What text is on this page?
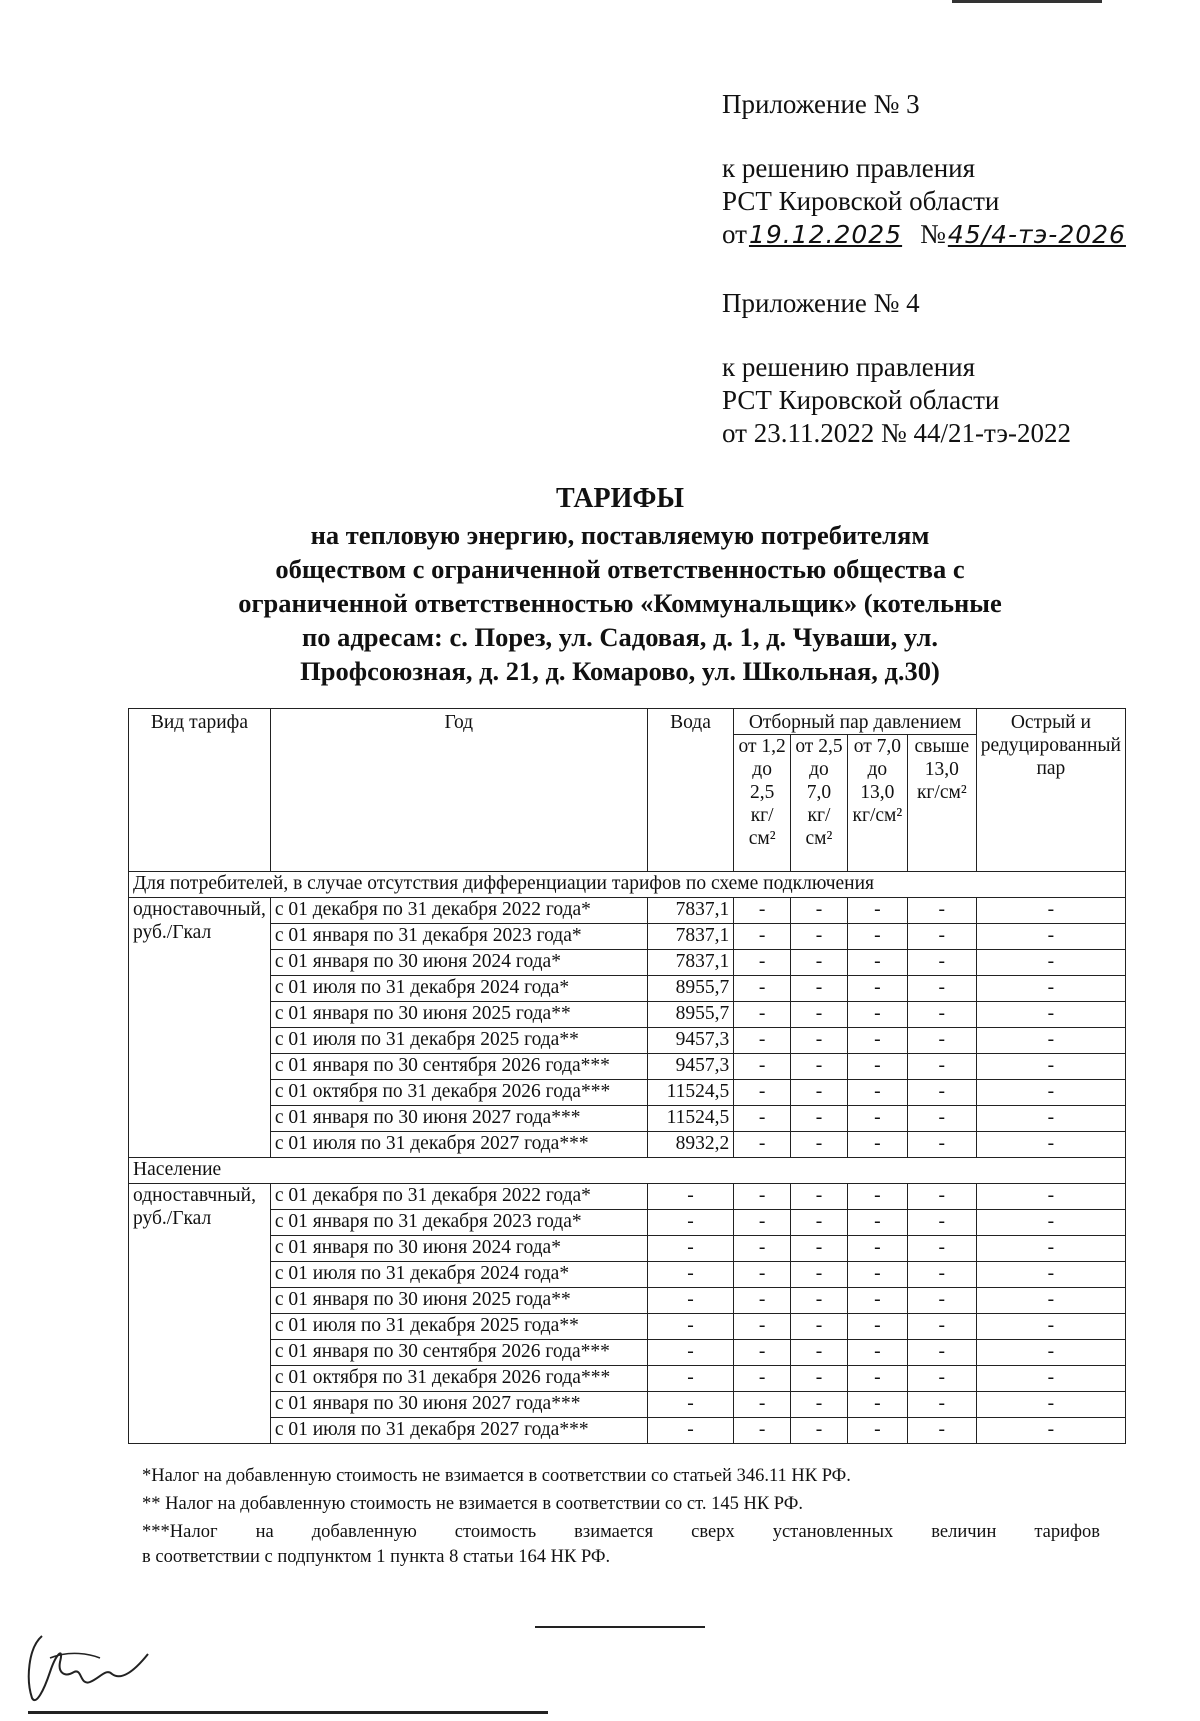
Приложение № 3
к решению правления
РСТ Кировской области
от19.12.2025 №45/4-тэ-2026
Приложение № 4
к решению правления
РСТ Кировской области
от 23.11.2022 № 44/21-тэ-2022
ТАРИФЫ
на тепловую энергию, поставляемую потребителям
обществом с ограниченной ответственностью общества с
ограниченной ответственностью «Коммунальщик» (котельные
по адресам: с. Порез, ул. Садовая, д. 1, д. Чуваши, ул.
Профсоюзная, д. 21, д. Комарово, ул. Школьная, д.30)
Вид тарифа	Год	Вода	Отборный пар давлением				Острый и редуцированный пар
			от 1,2 до 2,5 кг/см²	от 2,5 до 7,0 кг/см²	от 7,0 до 13,0 кг/см²	свыше 13,0 кг/см²	
Для потребителей, в случае отсутствия дифференциации тарифов по схеме подключения							
одноставочный, руб./Гкал	с 01 декабря по 31 декабря 2022 года*	7837,1	-	-	-	-	-
	с 01 января по 31 декабря 2023 года*	7837,1	-	-	-	-	-
	с 01 января по 30 июня 2024 года*	7837,1	-	-	-	-	-
	с 01 июля по 31 декабря 2024 года*	8955,7	-	-	-	-	-
	с 01 января по 30 июня 2025 года**	8955,7	-	-	-	-	-
	с 01 июля по 31 декабря 2025 года**	9457,3	-	-	-	-	-
	с 01 января по 30 сентября 2026 года***	9457,3	-	-	-	-	-
	с 01 октября по 31 декабря 2026 года***	11524,5	-	-	-	-	-
	с 01 января по 30 июня 2027 года***	11524,5	-	-	-	-	-
	с 01 июля по 31 декабря 2027 года***	8932,2	-	-	-	-	-
Население							
одноставчный, руб./Гкал	с 01 декабря по 31 декабря 2022 года*	-	-	-	-	-	-
	с 01 января по 31 декабря 2023 года*	-	-	-	-	-	-
	с 01 января по 30 июня 2024 года*	-	-	-	-	-	-
	с 01 июля по 31 декабря 2024 года*	-	-	-	-	-	-
	с 01 января по 30 июня 2025 года**	-	-	-	-	-	-
	с 01 июля по 31 декабря 2025 года**	-	-	-	-	-	-
	с 01 января по 30 сентября 2026 года***	-	-	-	-	-	-
	с 01 октября по 31 декабря 2026 года***	-	-	-	-	-	-
	с 01 января по 30 июня 2027 года***	-	-	-	-	-	-
	с 01 июля по 31 декабря 2027 года***	-	-	-	-	-	-
*Налог на добавленную стоимость не взимается в соответствии со статьей 346.11 НК РФ.
** Налог на добавленную стоимость не взимается в соответствии со ст. 145 НК РФ.
***Налог на добавленную стоимость взимается сверх установленных величин тарифов
в соответствии с подпунктом 1 пункта 8 статьи 164 НК РФ.
